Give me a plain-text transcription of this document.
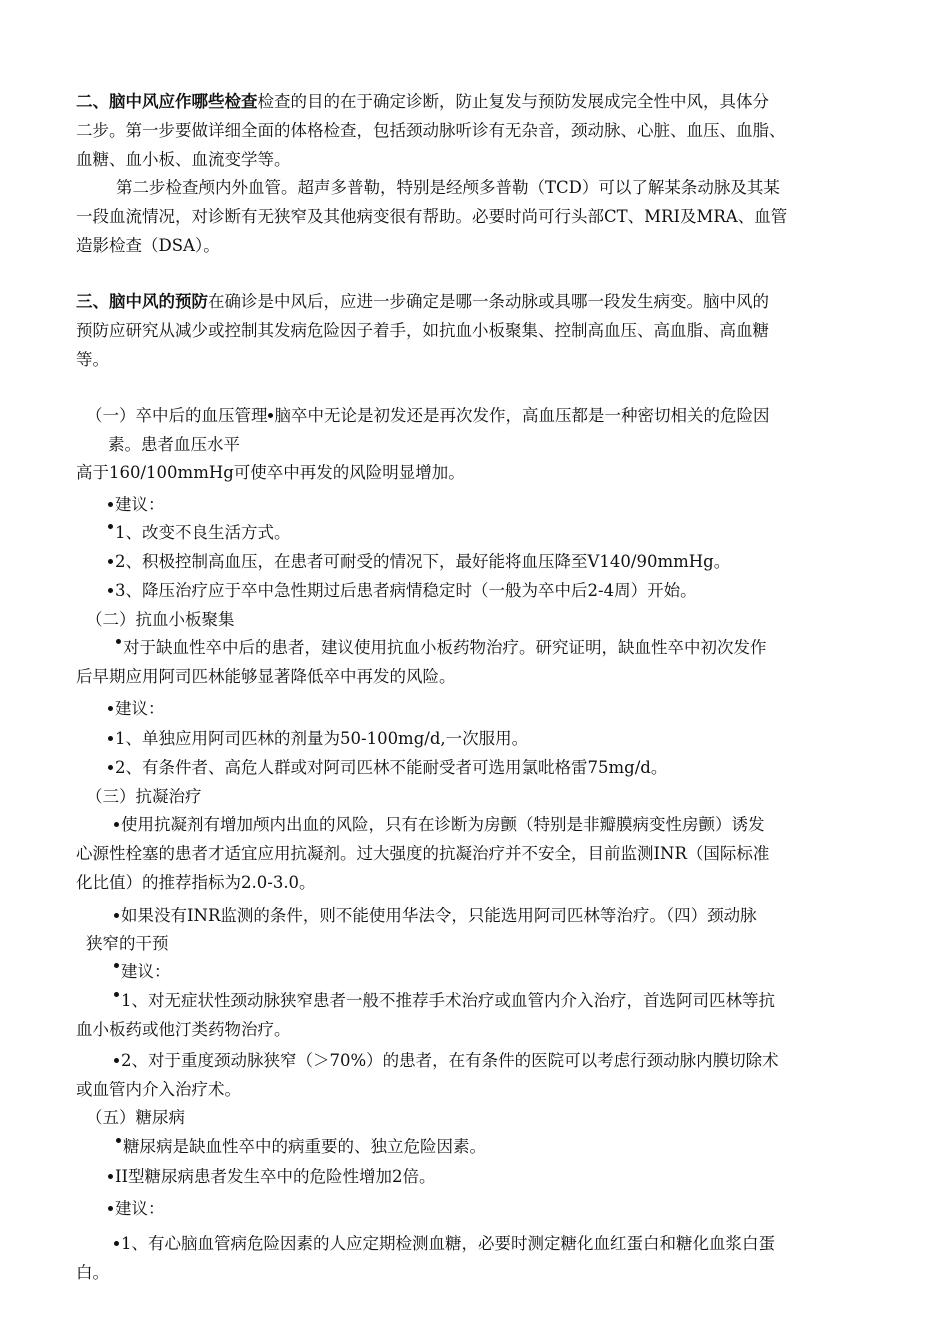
二、脑中风应作哪些检查检查的目的在于确定诊断，防止复发与预防发展成完全性中风，具体分
二步。第一步要做详细全面的体格检查，包括颈动脉听诊有无杂音，颈动脉、心脏、血压、血脂、
血糖、血小板、血流变学等。
第二步检查颅内外血管。超声多普勒，特别是经颅多普勒（TCD）可以了解某条动脉及其某
一段血流情况，对诊断有无狭窄及其他病变很有帮助。必要时尚可行头部CT、MRI及MRA、血管
造影检查（DSA）。
三、脑中风的预防在确诊是中风后，应进一步确定是哪一条动脉或具哪一段发生病变。脑中风的
预防应研究从减少或控制其发病危险因子着手，如抗血小板聚集、控制高血压、高血脂、高血糖
等。
（一）卒中后的血压管理 脑卒中无论是初发还是再次发作，高血压都是一种密切相关的危险因
素。患者血压水平
高于160/100mmHg可使卒中再发的风险明显增加。
建议：
1、改变不良生活方式。
2、积极控制高血压，在患者可耐受的情况下，最好能将血压降至V140/90mmHg。
3、降压治疗应于卒中急性期过后患者病情稳定时（一般为卒中后2-4周）开始。
（二）抗血小板聚集
对于缺血性卒中后的患者，建议使用抗血小板药物治疗。研究证明，缺血性卒中初次发作
后早期应用阿司匹林能够显著降低卒中再发的风险。
建议：
1、单独应用阿司匹林的剂量为50-100mg/d,一次服用。
2、有条件者、高危人群或对阿司匹林不能耐受者可选用氯吡格雷75mg/d。
（三）抗凝治疗
使用抗凝剂有增加颅内出血的风险，只有在诊断为房颤（特别是非瓣膜病变性房颤）诱发
心源性栓塞的患者才适宜应用抗凝剂。过大强度的抗凝治疗并不安全，目前监测INR（国际标准
化比值）的推荐指标为2.0-3.0。
如果没有INR监测的条件，则不能使用华法令，只能选用阿司匹林等治疗。（四）颈动脉
狭窄的干预
建议：
1、对无症状性颈动脉狭窄患者一般不推荐手术治疗或血管内介入治疗，首选阿司匹林等抗
血小板药或他汀类药物治疗。
2、对于重度颈动脉狭窄（＞70%）的患者，在有条件的医院可以考虑行颈动脉内膜切除术
或血管内介入治疗术。
（五）糖尿病
糖尿病是缺血性卒中的病重要的、独立危险因素。
II型糖尿病患者发生卒中的危险性增加2倍。
建议：
1、有心脑血管病危险因素的人应定期检测血糖，必要时测定糖化血红蛋白和糖化血浆白蛋
白。
